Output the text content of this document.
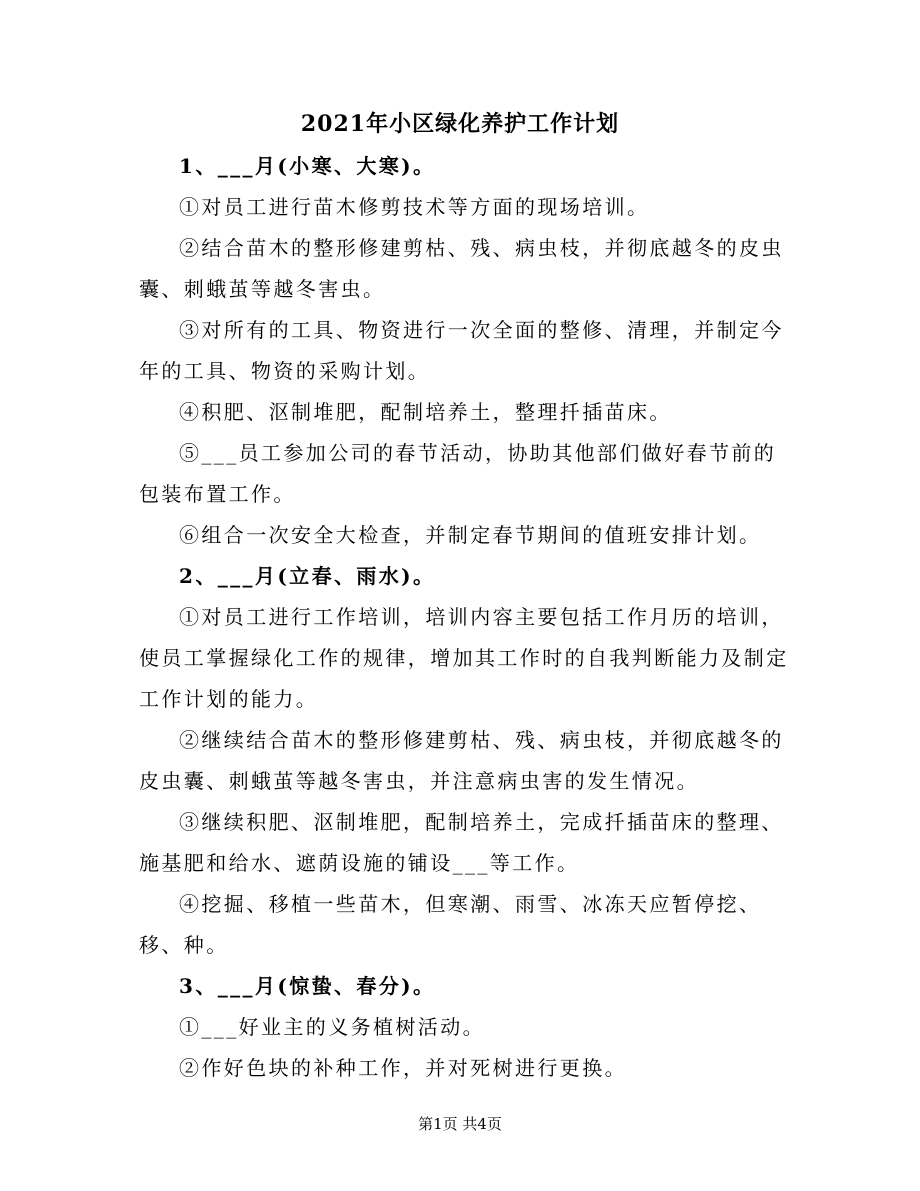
2021年小区绿化养护工作计划

1、___月(小寒、大寒)。

①对员工进行苗木修剪技术等方面的现场培训。

②结合苗木的整形修建剪枯、残、病虫枝，并彻底越冬的皮虫囊、刺蛾茧等越冬害虫。

③对所有的工具、物资进行一次全面的整修、清理，并制定今年的工具、物资的采购计划。

④积肥、沤制堆肥，配制培养土，整理扦插苗床。

⑤___员工参加公司的春节活动，协助其他部们做好春节前的包装布置工作。

⑥组合一次安全大检查，并制定春节期间的值班安排计划。

2、___月(立春、雨水)。

①对员工进行工作培训，培训内容主要包括工作月历的培训，使员工掌握绿化工作的规律，增加其工作时的自我判断能力及制定工作计划的能力。

②继续结合苗木的整形修建剪枯、残、病虫枝，并彻底越冬的皮虫囊、刺蛾茧等越冬害虫，并注意病虫害的发生情况。

③继续积肥、沤制堆肥，配制培养土，完成扦插苗床的整理、施基肥和给水、遮荫设施的铺设___等工作。

④挖掘、移植一些苗木，但寒潮、雨雪、冰冻天应暂停挖、移、种。

3、___月(惊蛰、春分)。

①___好业主的义务植树活动。

②作好色块的补种工作，并对死树进行更换。

第1页 共4页
